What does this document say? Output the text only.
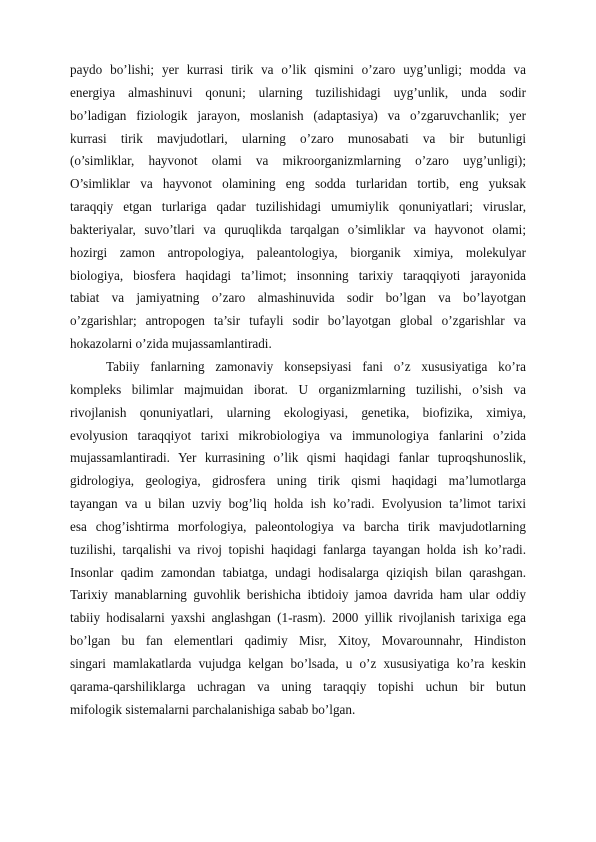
paydo bo’lishi; yer kurrasi tirik va o’lik qismini o’zaro uyg’unligi; modda va
energiya almashinuvi qonuni; ularning tuzilishidagi uyg’unlik, unda sodir
bo’ladigan fiziologik jarayon, moslanish (adaptasiya) va o’zgaruvchanlik; yer
kurrasi tirik mavjudotlari, ularning o’zaro munosabati va bir butunligi
(o’simliklar, hayvonot olami va mikroorganizmlarning o’zaro uyg’unligi);
O’simliklar va hayvonot olamining eng sodda turlaridan tortib, eng yuksak
taraqqiy etgan turlariga qadar tuzilishidagi umumiylik qonuniyatlari; viruslar,
bakteriyalar, suvo’tlari va quruqlikda tarqalgan o’simliklar va hayvonot olami;
hozirgi zamon antropologiya, paleantologiya, biorganik ximiya, molekulyar
biologiya, biosfera haqidagi ta’limot; insonning tarixiy taraqqiyoti jarayonida
tabiat va jamiyatning o’zaro almashinuvida sodir bo’lgan va bo’layotgan
o’zgarishlar; antropogen ta’sir tufayli sodir bo’layotgan global o’zgarishlar va
hokazolarni o’zida mujassamlantiradi.
Tabiiy fanlarning zamonaviy konsepsiyasi fani o’z xususiyatiga ko’ra
kompleks bilimlar majmuidan iborat. U organizmlarning tuzilishi, o’sish va
rivojlanish qonuniyatlari, ularning ekologiyasi, genetika, biofizika, ximiya,
evolyusion taraqqiyot tarixi mikrobiologiya va immunologiya fanlarini o’zida
mujassamlantiradi. Yer kurrasining o’lik qismi haqidagi fanlar tuproqshunoslik,
gidrologiya, geologiya, gidrosfera uning tirik qismi haqidagi ma’lumotlarga
tayangan va u bilan uzviy bog’liq holda ish ko’radi. Evolyusion ta’limot tarixi
esa chog’ishtirma morfologiya, paleontologiya va barcha tirik mavjudotlarning
tuzilishi, tarqalishi va rivoj topishi haqidagi fanlarga tayangan holda ish ko’radi.
Insonlar qadim zamondan tabiatga, undagi hodisalarga qiziqish bilan qarashgan.
Tarixiy manablarning guvohlik berishicha ibtidoiy jamoa davrida ham ular oddiy
tabiiy hodisalarni yaxshi anglashgan (1-rasm). 2000 yillik rivojlanish tarixiga ega
bo’lgan bu fan elementlari qadimiy Misr, Xitoy, Movarounnahr, Hindiston
singari mamlakatlarda vujudga kelgan bo’lsada, u o’z xususiyatiga ko’ra keskin
qarama-qarshiliklarga uchragan va uning taraqqiy topishi uchun bir butun
mifologik sistemalarni parchalanishiga sabab bo’lgan.
